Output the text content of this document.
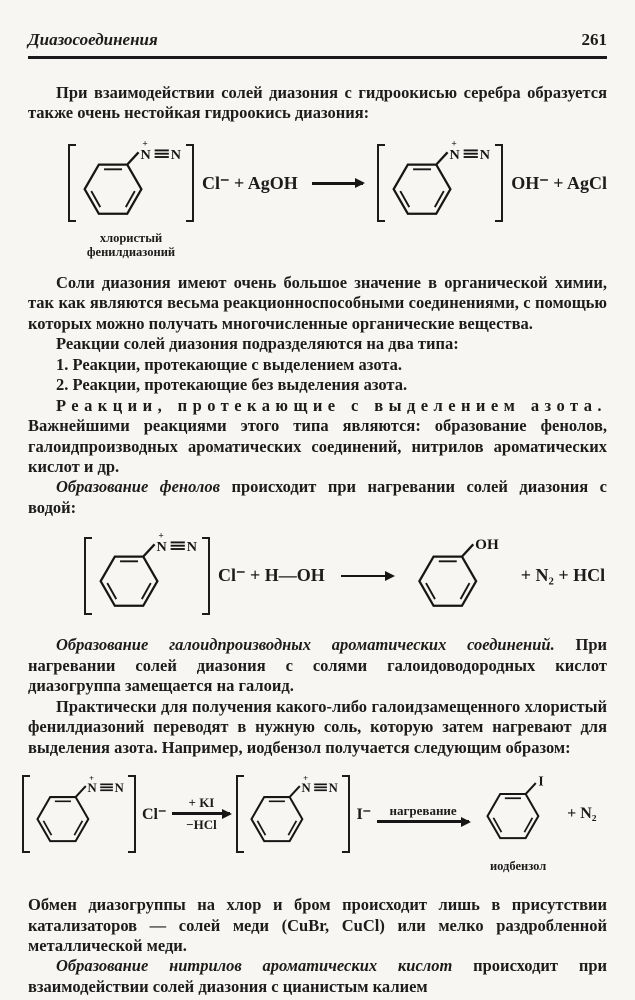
Диазосоединения	261

При взаимодействии солей диазония с гидроокисью серебра образуется также очень нестойкая гидроокись диазония:

N
+
N
хлористый
фенилдиазоний
Cl⁻ + AgOH
N
+
N
OH⁻ + AgCl

Соли диазония имеют очень большое значение в органической химии, так как являются весьма реакционноспособными соединениями, с помощью которых можно получать многочисленные органические вещества.

Реакции солей диазония подразделяются на два типа:

1. Реакции, протекающие с выделением азота.

2. Реакции, протекающие без выделения азота.

Реакции, протекающие с выделением азота. Важнейшими реакциями этого типа являются: образование фенолов, галоидпроизводных ароматических соединений, нитрилов ароматических кислот и др.

Образование фенолов происходит при нагревании солей диазония с водой:

N
+
N
Cl⁻ + H—OH
OH
+ N₂ + HCl

Образование галоидпроизводных ароматических соединений. При нагревании солей диазония с солями галоидоводородных кислот диазогруппа замещается на галоид.

Практически для получения какого-либо галоидзамещенного хлористый фенилдиазоний переводят в нужную соль, которую затем нагревают для выделения азота. Например, иодбензол получается следующим образом:

N
+
N
Cl⁻
+ KI
−HCl
N
+
N
I⁻ нагревание
I
иодбензол
+ N₂

Обмен диазогруппы на хлор и бром происходит лишь в присутствии катализаторов — солей меди (CuBr, CuCl) или мелко раздробленной металлической меди.

Образование нитрилов ароматических кислот происходит при взаимодействии солей диазония с цианистым калием
